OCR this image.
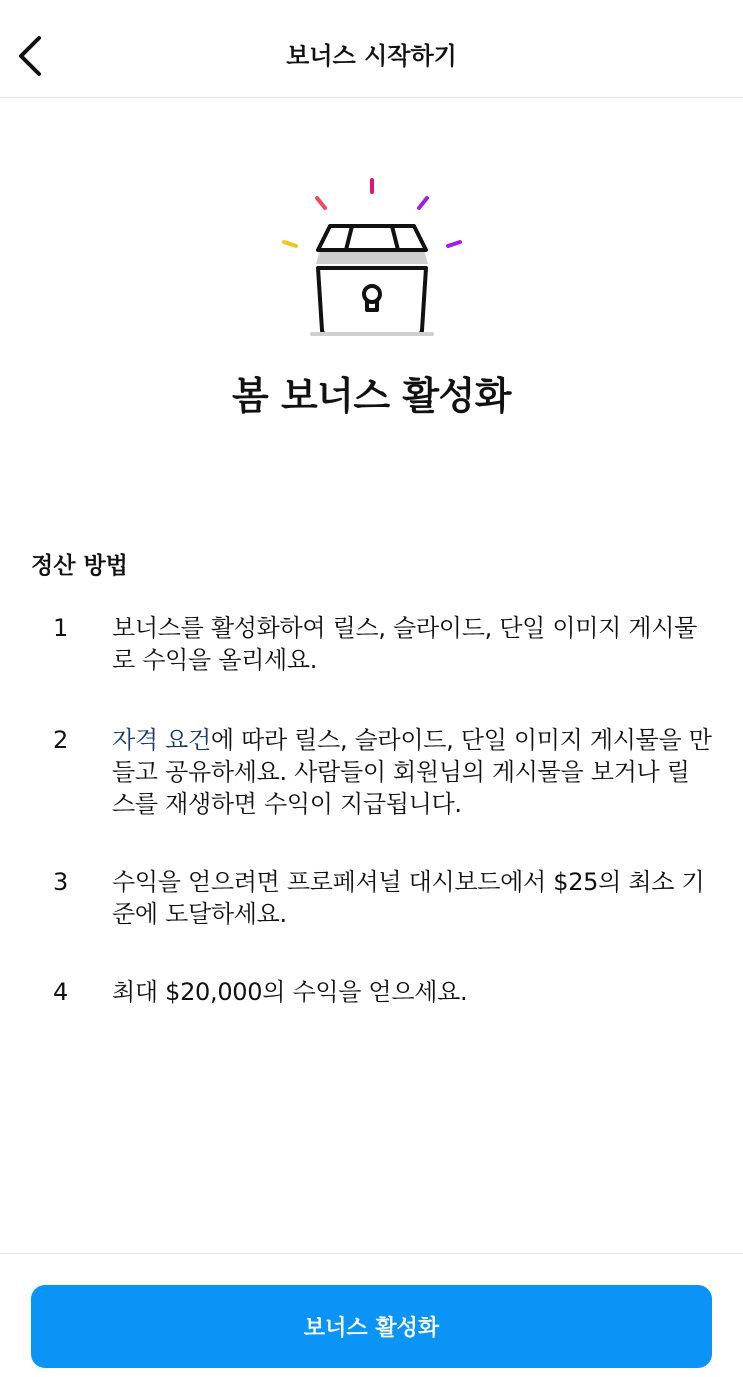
보너스 시작하기
봄 보너스 활성화
정산 방법
1 보너스를 활성화하여 릴스, 슬라이드, 단일 이미지 게시물로 수익을 올리세요.
2 자격 요건에 따라 릴스, 슬라이드, 단일 이미지 게시물을 만들고 공유하세요. 사람들이 회원님의 게시물을 보거나 릴스를 재생하면 수익이 지급됩니다.
3 수익을 얻으려면 프로페셔널 대시보드에서 $25의 최소 기준에 도달하세요.
4 최대 $20,000의 수익을 얻으세요.
보너스 활성화
